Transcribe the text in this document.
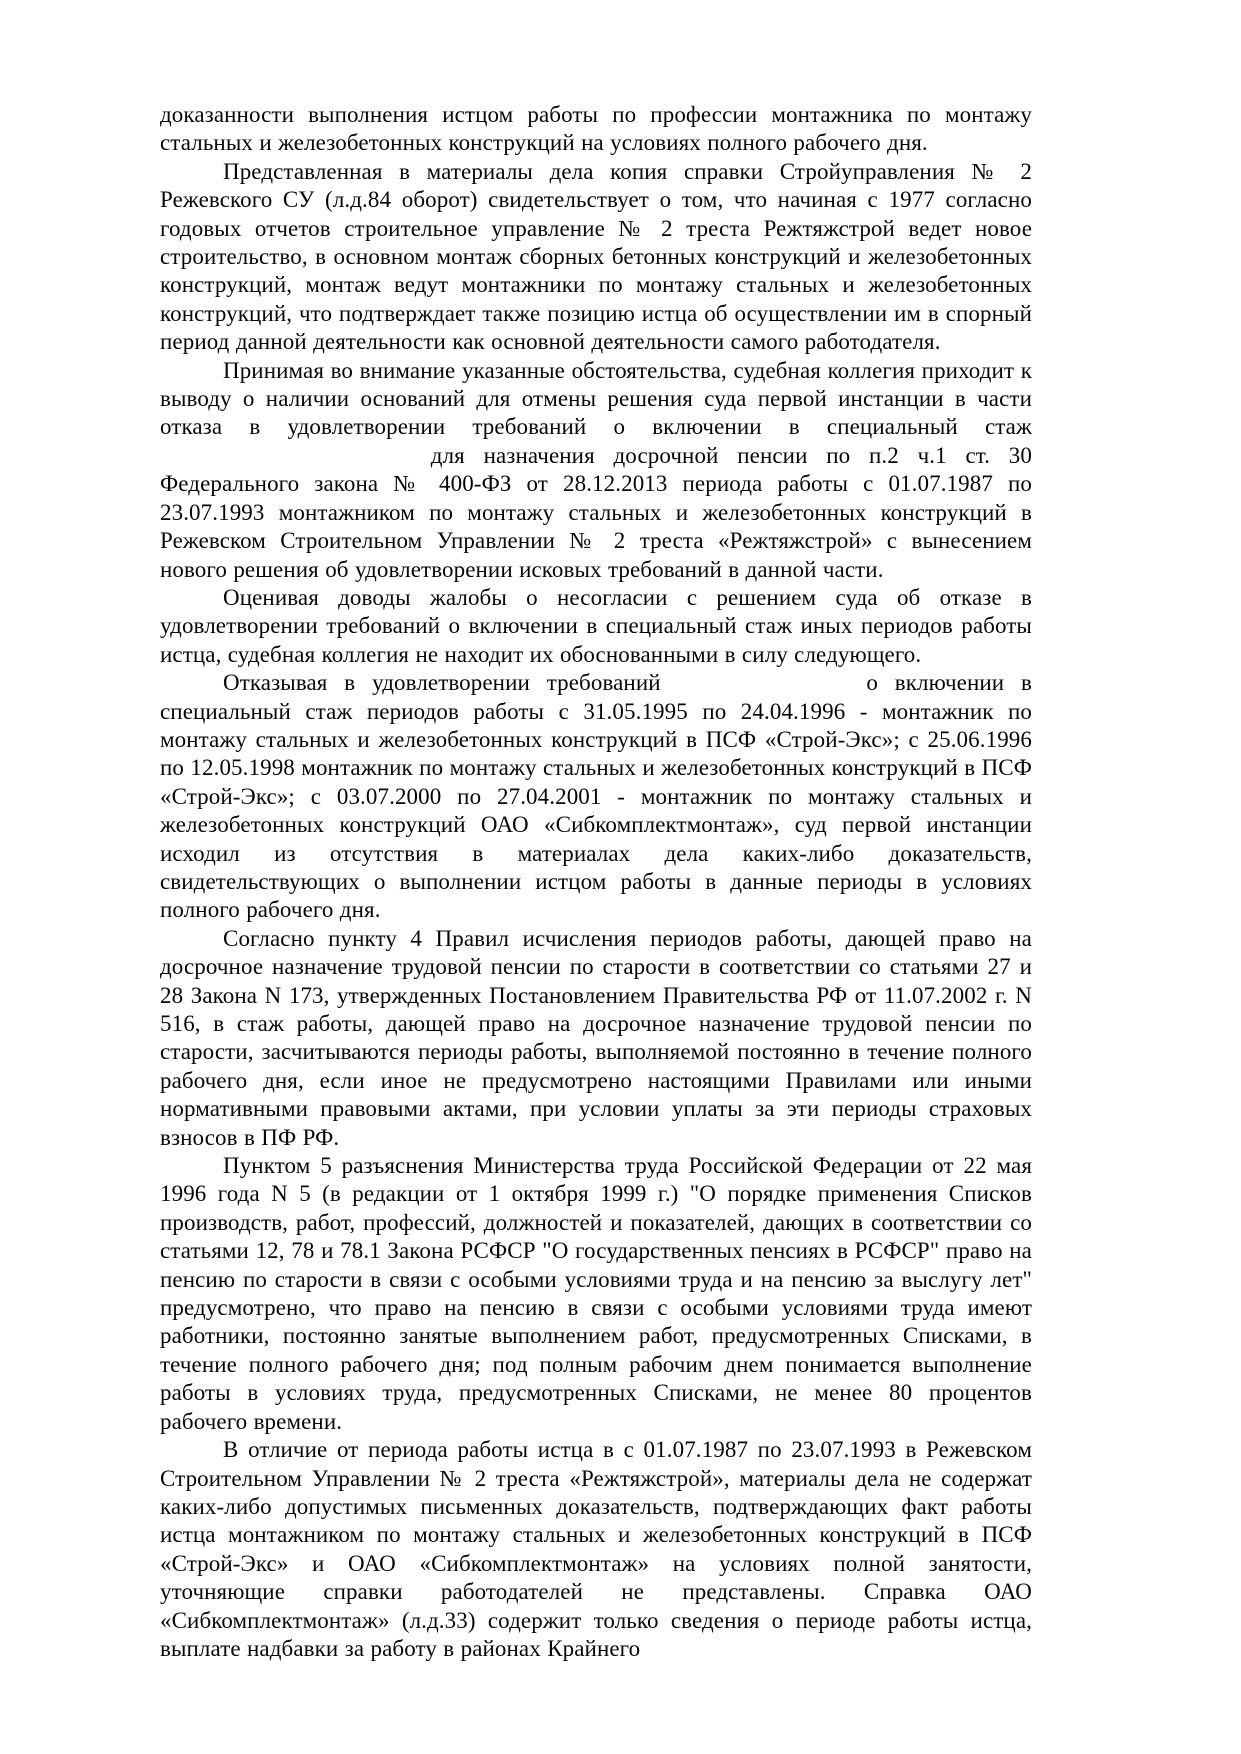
доказанности выполнения истцом работы по профессии монтажника по монтажу стальных и железобетонных конструкций на условиях полного рабочего дня.

Представленная в материалы дела копия справки Стройуправления № 2 Режевского СУ (л.д.84 оборот) свидетельствует о том, что начиная с 1977 согласно годовых отчетов строительное управление № 2 треста Режтяжстрой ведет новое строительство, в основном монтаж сборных бетонных конструкций и железобетонных конструкций, монтаж ведут монтажники по монтажу стальных и железобетонных конструкций, что подтверждает также позицию истца об осуществлении им в спорный период данной деятельности как основной деятельности самого работодателя.

Принимая во внимание указанные обстоятельства, судебная коллегия приходит к выводу о наличии оснований для отмены решения суда первой инстанции в части отказа в удовлетворении требований о включении в специальный стаж  для назначения досрочной пенсии по п.2 ч.1 ст. 30 Федерального закона № 400-ФЗ от 28.12.2013 периода работы с 01.07.1987 по 23.07.1993 монтажником по монтажу стальных и железобетонных конструкций в Режевском Строительном Управлении № 2 треста «Режтяжстрой» с вынесением нового решения об удовлетворении исковых требований в данной части.

Оценивая доводы жалобы о несогласии с решением суда об отказе в удовлетворении требований о включении в специальный стаж иных периодов работы истца, судебная коллегия не находит их обоснованными в силу следующего.

Отказывая в удовлетворении требований	о включении в специальный стаж периодов работы с 31.05.1995 по 24.04.1996 - монтажник по монтажу стальных и железобетонных конструкций в ПСФ «Строй-Экс»; с 25.06.1996 по 12.05.1998 монтажник по монтажу стальных и железобетонных конструкций в ПСФ «Строй-Экс»; с 03.07.2000 по 27.04.2001 - монтажник по монтажу стальных и железобетонных конструкций ОАО «Сибкомплектмонтаж», суд первой инстанции исходил из отсутствия в материалах дела каких-либо доказательств, свидетельствующих о выполнении истцом работы в данные периоды в условиях полного рабочего дня.

Согласно пункту 4 Правил исчисления периодов работы, дающей право на досрочное назначение трудовой пенсии по старости в соответствии со статьями 27 и 28 Закона N 173, утвержденных Постановлением Правительства РФ от 11.07.2002 г. N 516, в стаж работы, дающей право на досрочное назначение трудовой пенсии по старости, засчитываются периоды работы, выполняемой постоянно в течение полного рабочего дня, если иное не предусмотрено настоящими Правилами или иными нормативными правовыми актами, при условии уплаты за эти периоды страховых взносов в ПФ РФ.

Пунктом 5 разъяснения Министерства труда Российской Федерации от 22 мая 1996 года N 5 (в редакции от 1 октября 1999 г.) "О порядке применения Списков производств, работ, профессий, должностей и показателей, дающих в соответствии со статьями 12, 78 и 78.1 Закона РСФСР "О государственных пенсиях в РСФСР" право на пенсию по старости в связи с особыми условиями труда и на пенсию за выслугу лет" предусмотрено, что право на пенсию в связи с особыми условиями труда имеют работники, постоянно занятые выполнением работ, предусмотренных Списками, в течение полного рабочего дня; под полным рабочим днем понимается выполнение работы в условиях труда, предусмотренных Списками, не менее 80 процентов рабочего времени.

В отличие от периода работы истца в с 01.07.1987 по 23.07.1993 в Режевском Строительном Управлении № 2 треста «Режтяжстрой», материалы дела не содержат каких-либо допустимых письменных доказательств, подтверждающих факт работы истца монтажником по монтажу стальных и железобетонных конструкций в ПСФ «Строй-Экс» и ОАО «Сибкомплектмонтаж» на условиях полной занятости, уточняющие справки работодателей не представлены. Справка ОАО «Сибкомплектмонтаж» (л.д.33) содержит только сведения о периоде работы истца, выплате надбавки за работу в районах Крайнего
